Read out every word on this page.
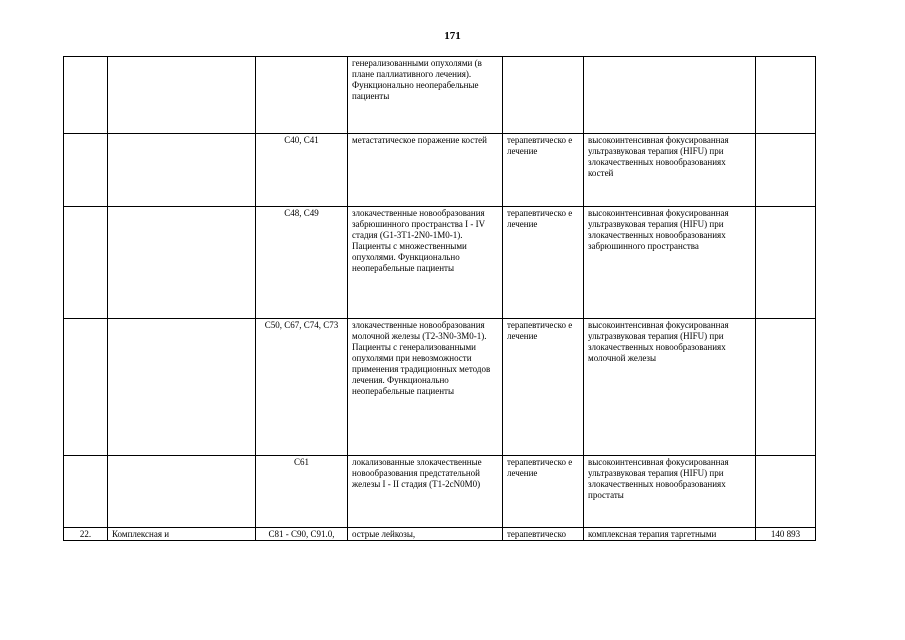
171
			генерализованными опухолями (в плане паллиативного лечения). Функционально неоперабельные пациенты			
		С40, С41	метастатическое поражение костей	терапевтическо е лечение	высокоинтенсивная фокусированная ультразвуковая терапия (HIFU) при злокачественных новообразованиях костей	
		С48, С49	злокачественные новообразования забрюшинного пространства I - IV стадия (G1-3T1-2N0-1M0-1). Пациенты с множественными опухолями. Функционально неоперабельные пациенты	терапевтическо е лечение	высокоинтенсивная фокусированная ультразвуковая терапия (HIFU) при злокачественных новообразованиях забрюшинного пространства	
		С50, С67, С74, С73	злокачественные новообразования молочной железы (Т2-3N0-3M0-1). Пациенты с генерализованными опухолями при невозможности применения традиционных методов лечения. Функционально неоперабельные пациенты	терапевтическо е лечение	высокоинтенсивная фокусированная ультразвуковая терапия (HIFU) при злокачественных новообразованиях молочной железы	
		С61	локализованные злокачественные новообразования предстательной железы I - II стадия (Т1-2cN0M0)	терапевтическо е лечение	высокоинтенсивная фокусированная ультразвуковая терапия (HIFU) при злокачественных новообразованиях простаты	
22.	Комплексная и	С81 - С90, С91.0,	острые лейкозы,	терапевтическо	комплексная терапия таргетными	140 893
